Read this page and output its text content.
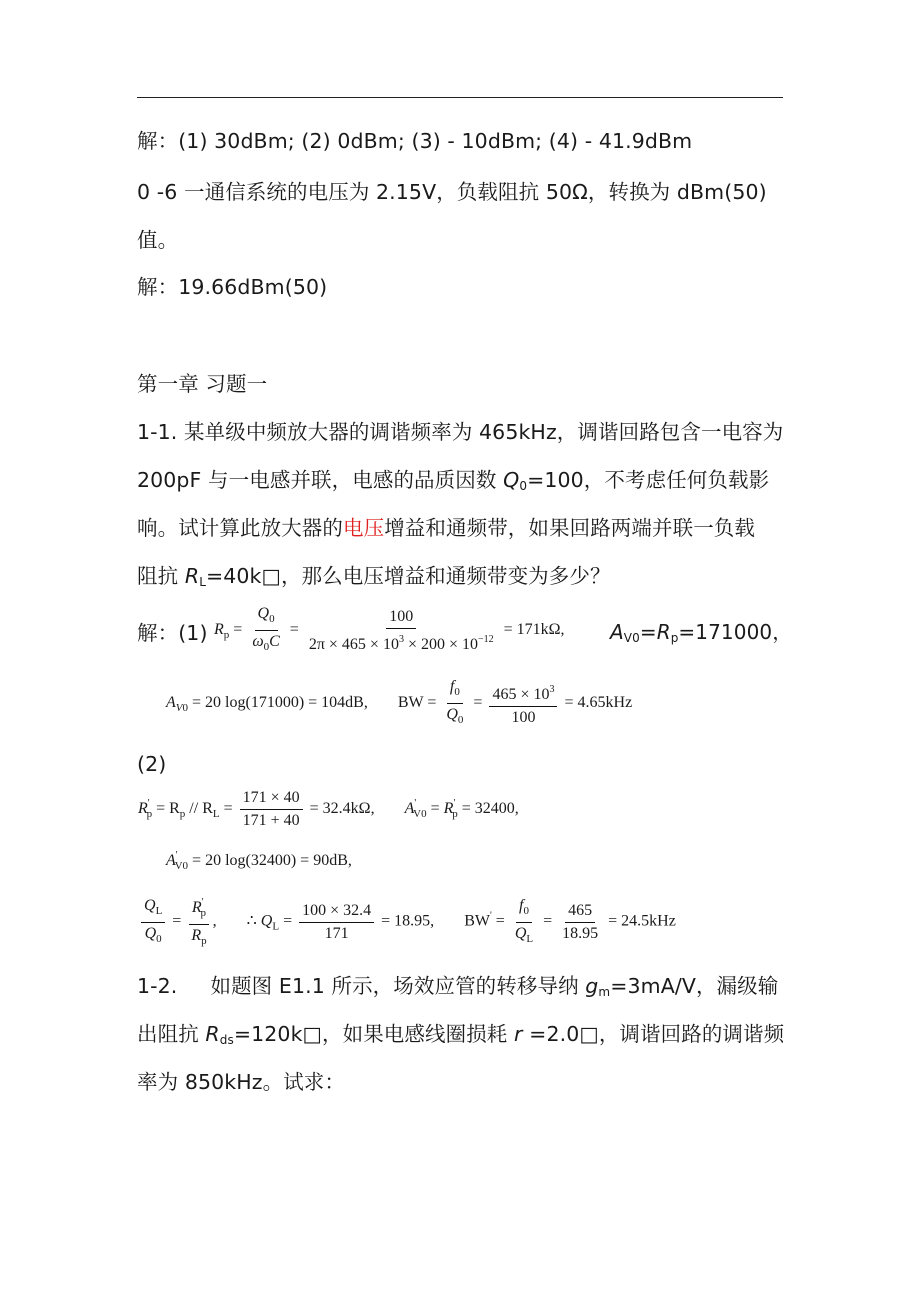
解：(1) 30dBm; (2) 0dBm; (3) - 10dBm; (4) - 41.9dBm
0 -6 一通信系统的电压为 2.15V，负载阻抗 50Ω，转换为 dBm(50)
值。
解：19.66dBm(50)
第一章 习题一
1-1. 某单级中频放大器的调谐频率为 465kHz，调谐回路包含一电容为
200pF 与一电感并联，电感的品质因数 $Q_0=100$，不考虑任何负载影
响。试计算此放大器的电压增益和通频带，如果回路两端并联一负载
阻抗 $R_L=40k□$，那么电压增益和通频带变为多少？
解：(1) $R_p = \frac{Q_0}{\omega_0C} = \frac{100}{2\pi \times 465 \times 10^3 \times 200 \times 10^{-12}} = 171k\Omega$, $A_{V0}=R_p=171000$，
$A_{V0} = 20$ log(171000) = 104dB, BW = $\frac{f_0}{Q_0} = \frac{465 \times 10^3}{100} = 4.65kHz$
(2)
$R'_p = R_p // R_L = \frac{171 \times 40}{171 + 40} = 32.4k\Omega$, $A'_{V0} = R'_p = 32400$,
$A'_{V0} = 20$ log(32400) = 90dB,
$\frac{Q_L}{Q_0} = \frac{R'_p}{R_p}$ ,  ∴ $Q_L = \frac{100 \times 32.4}{171} = 18.95$, $BW' = \frac{f_0}{Q_L} = \frac{465}{18.95} = 24.5kHz$
1-2.     如题图 E1.1 所示，场效应管的转移导纳 $g_m=3mA/V$，漏级输
出阻抗 $R_{ds}=120k□$，如果电感线圈损耗 r =2.0□，调谐回路的调谐频
率为 850kHz。试求：
